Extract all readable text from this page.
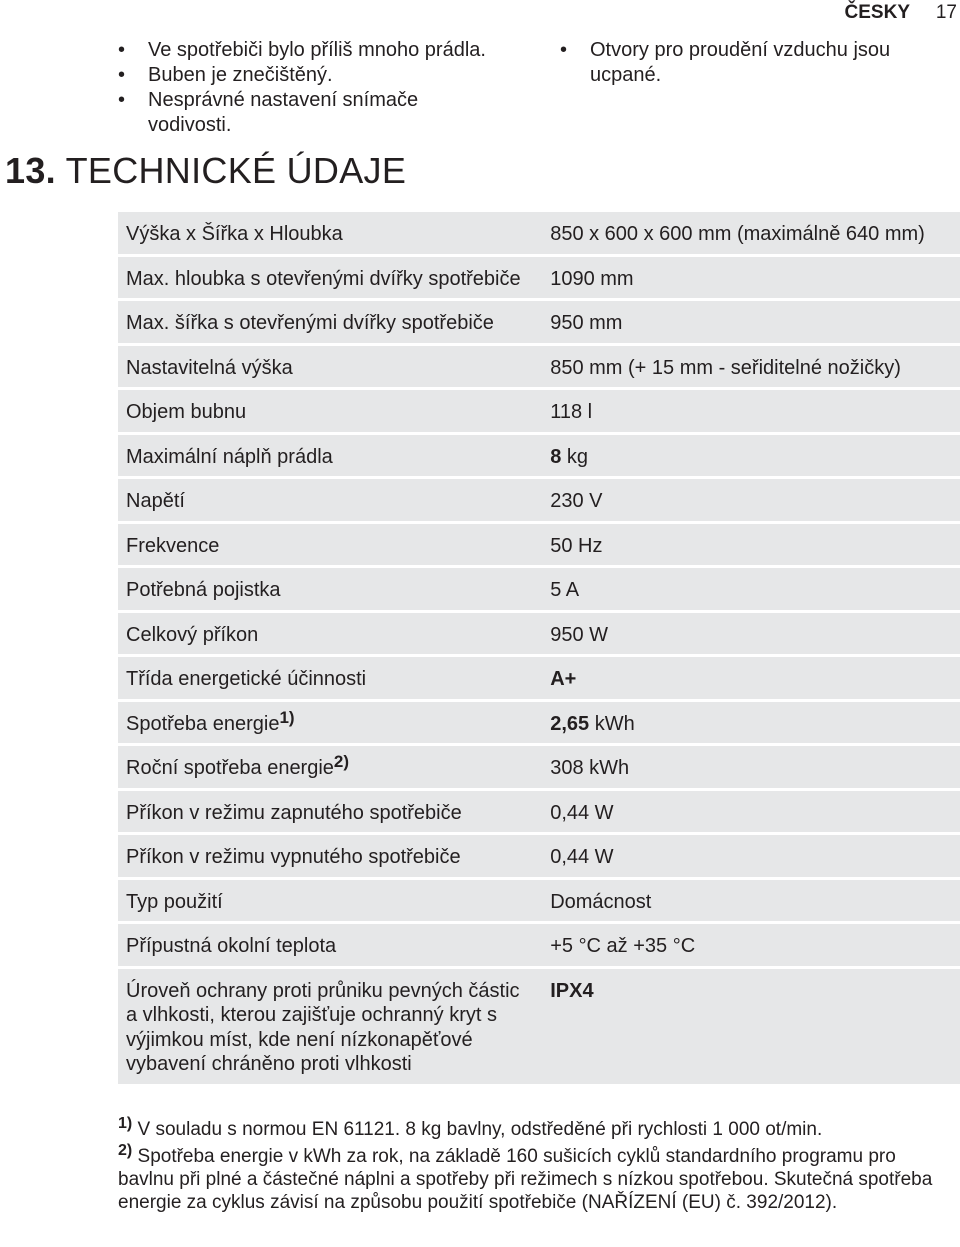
ČESKY 17
• Ve spotřebiči bylo příliš mnoho prádla.
• Buben je znečištěný.
• Nesprávné nastavení snímače vodivosti.
• Otvory pro proudění vzduchu jsou ucpané.
13. TECHNICKÉ ÚDAJE
Výška x Šířka x Hloubka	850 x 600 x 600 mm (maximálně 640 mm)
Max. hloubka s otevřenými dvířky spotřebiče	1090 mm
Max. šířka s otevřenými dvířky spotřebiče	950 mm
Nastavitelná výška	850 mm (+ 15 mm - seřiditelné nožičky)
Objem bubnu	118 l
Maximální náplň prádla	8 kg
Napětí	230 V
Frekvence	50 Hz
Potřebná pojistka	5 A
Celkový příkon	950 W
Třída energetické účinnosti	A+
Spotřeba energie$^{1)}$	2,65 kWh
Roční spotřeba energie$^{2)}$	308 kWh
Příkon v režimu zapnutého spotřebiče	0,44 W
Příkon v režimu vypnutého spotřebiče	0,44 W
Typ použití	Domácnost
Přípustná okolní teplota	+5 °C až +35 °C
Úroveň ochrany proti průniku pevných částic a vlhkosti, kterou zajišťuje ochranný kryt s výjimkou míst, kde není nízkonapěťové vybavení chráněno proti vlhkosti	IPX4
$^{1)}$ V souladu s normou EN 61121. 8 kg bavlny, odstředěné při rychlosti 1 000 ot/min.
$^{2)}$ Spotřeba energie v kWh za rok, na základě 160 sušicích cyklů standardního programu pro bavlnu při plné a částečné náplni a spotřeby při režimech s nízkou spotřebou. Skutečná spotřeba energie za cyklus závisí na způsobu použití spotřebiče (NAŘÍZENÍ (EU) č. 392/2012).
